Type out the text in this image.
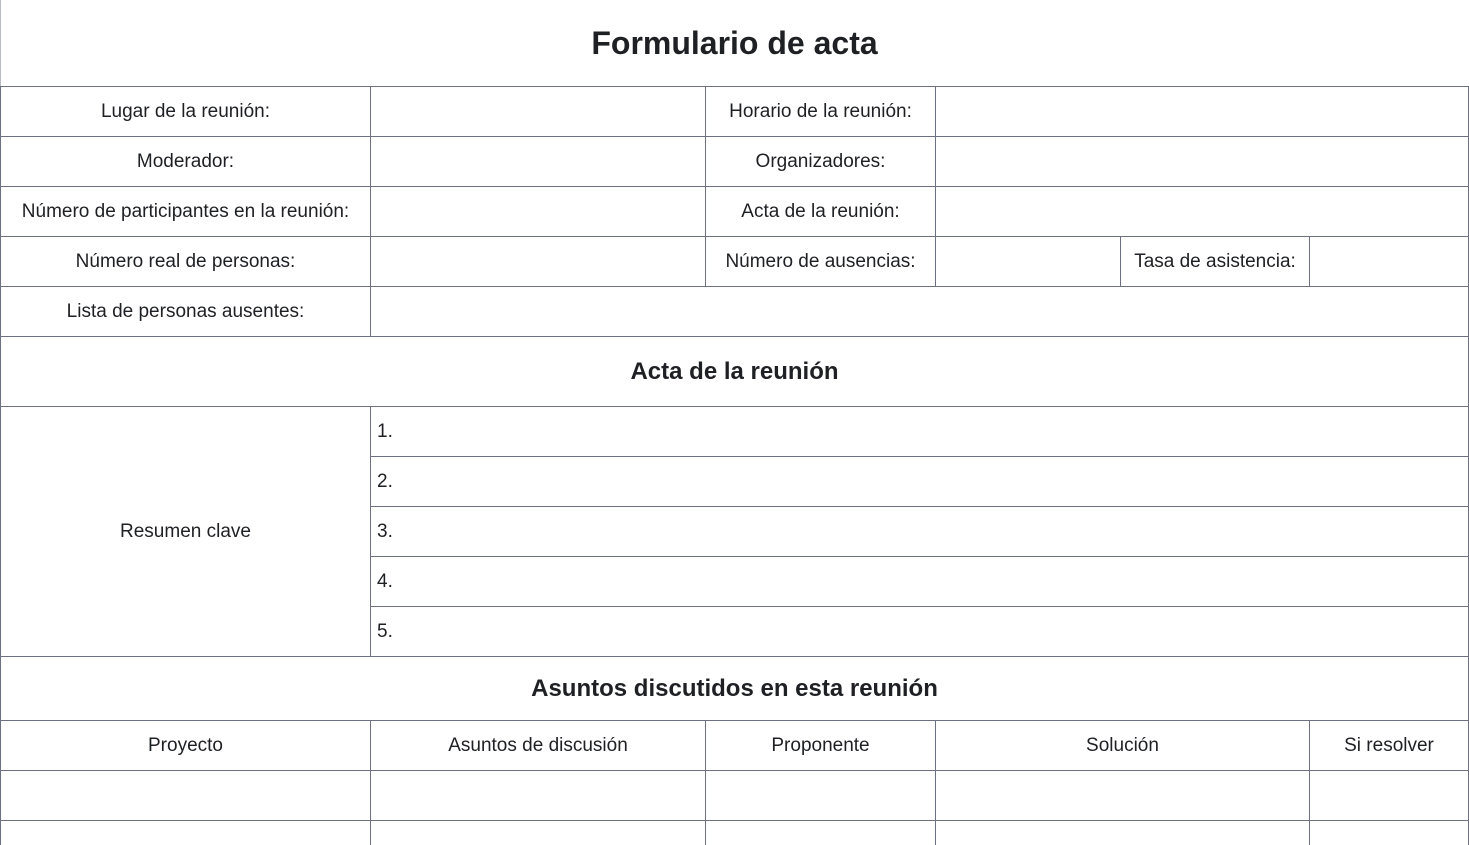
Formulario de acta
Lugar de la reunión:	Horario de la reunión:
Moderador:	Organizadores:
Número de participantes en la reunión:	Acta de la reunión:
Número real de personas:	Número de ausencias:	Tasa de asistencia:
Lista de personas ausentes:
Acta de la reunión
Resumen clave
1.
2.
3.
4.
5.
Asuntos discutidos en esta reunión
Proyecto	Asuntos de discusión	Proponente	Solución	Si resolver
